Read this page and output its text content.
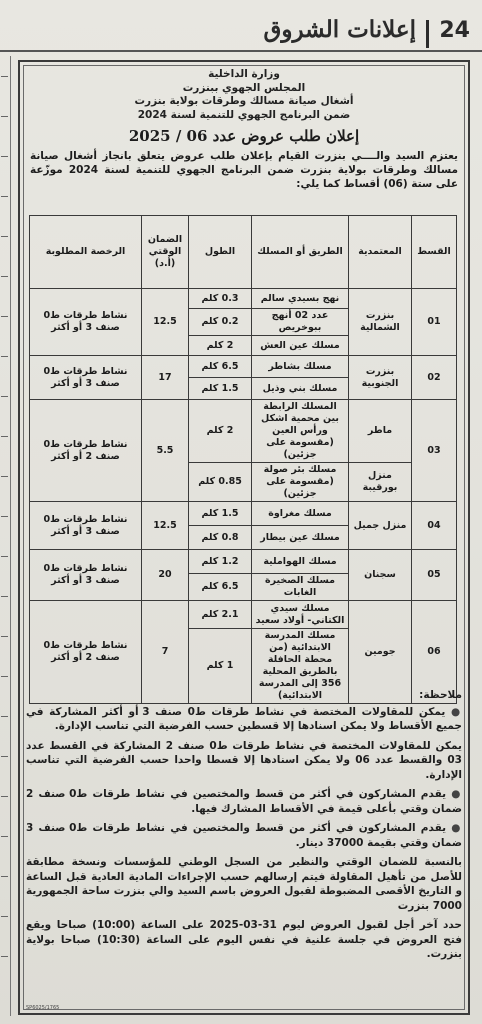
24
إعلانات الشروق
وزارة الداخلية
المجلس الجهوي ببنزرت
أشغال صيانة مسالك وطرقات بولاية بنزرت
ضمن البرنامج الجهوي للتنمية لسنة 2024
إعلان طلب عروض عدد 06 / 2025
يعتزم السيد والــــي بنزرت القيام بإعلان طلب عروض يتعلق بانجاز أشغال صيانة مسالك وطرقات بولاية بنزرت ضمن البرنامج الجهوي للتنمية لسنة 2024 موزّعة على ستة (06) أقساط كما يلي:
القسط	المعتمدية	الطريق أو المسلك	الطول	الضمان الوقتي (أ.د)	الرخصة المطلوبة
01	بنزرت الشمالية	نهج بسيدي سالم	0.3 كلم	12.5	نشاط طرقات ط0 صنف 3 أو أكثر
		عدد 02 أنهج ببوخريص	0.2 كلم		
		مسلك عين العش	2 كلم		
02	بنزرت الجنوبية	مسلك بشاطر	6.5 كلم	17	نشاط طرقات ط0 صنف 3 أو أكثر
		مسلك بني وذيل	1.5 كلم		
03	ماطر	المسلك الرابطة بين محمية اشكل ورأس العين (مقسومة على جزئين)	2 كلم	5.5	نشاط طرقات ط0 صنف 2 أو أكثر
	منزل بورقيبة	مسلك بئر صولة (مقسومة على جزئين)	0.85 كلم		
04	منزل جميل	مسلك مغراوة	1.5 كلم	12.5	نشاط طرقات ط0 صنف 3 أو أكثر
		مسلك عين بيطار	0.8 كلم		
05	سجنان	مسلك الهواملية	1.2 كلم	20	نشاط طرقات ط0 صنف 3 أو أكثر
		مسلك الصخيرة الغابات	6.5 كلم		
06	جومين	مسلك سيدي الكتاني- أولاد سعيد	2.1 كلم	7	نشاط طرقات ط0 صنف 2 أو أكثر
		مسلك المدرسة الابتدائية (من محطة الحافلة بالطريق المحلية 356 إلى المدرسة الابتدائية)	1 كلم		

ملاحظة:

● يمكن للمقاولات المختصة في نشاط طرقات ط0 صنف 3 أو أكثر المشاركة في جميع الأقساط ولا يمكن اسنادها إلا قسطين حسب الفرضية التي تناسب الإدارة.

يمكن للمقاولات المختصة في نشاط طرقات ط0 صنف 2 المشاركة في القسط عدد 03 والقسط عدد 06 ولا يمكن اسنادها إلا قسطا واحدا حسب الفرضية التي تناسب الإدارة.

● يقدم المشاركون في أكثر من قسط والمختصين في نشاط طرقات ط0 صنف 2 ضمان وقتي بأعلى قيمة في الأقساط المشارك فيها.

● يقدم المشاركون في أكثر من قسط والمختصين في نشاط طرقات ط0 صنف 3 ضمان وقتي بقيمة 37000 دينار.

بالنسبة للضمان الوقتي والنظير من السجل الوطني للمؤسسات ونسخة مطابقة للأصل من تأهيل المقاولة فيتم إرسالهم حسب الإجراءات المادية العادية قبل الساعة و التاريخ الأقصى المضبوطة لقبول العروض باسم السيد والي بنزرت ساحة الجمهورية 7000 بنزرت

حدد آخر أجل لقبول العروض ليوم 31-03-2025 على الساعة (10:00) صباحا ويقع فتح العروض في جلسة علنية في نفس اليوم على الساعة (10:30) صباحا بولاية بنزرت.

SP6025/1765
